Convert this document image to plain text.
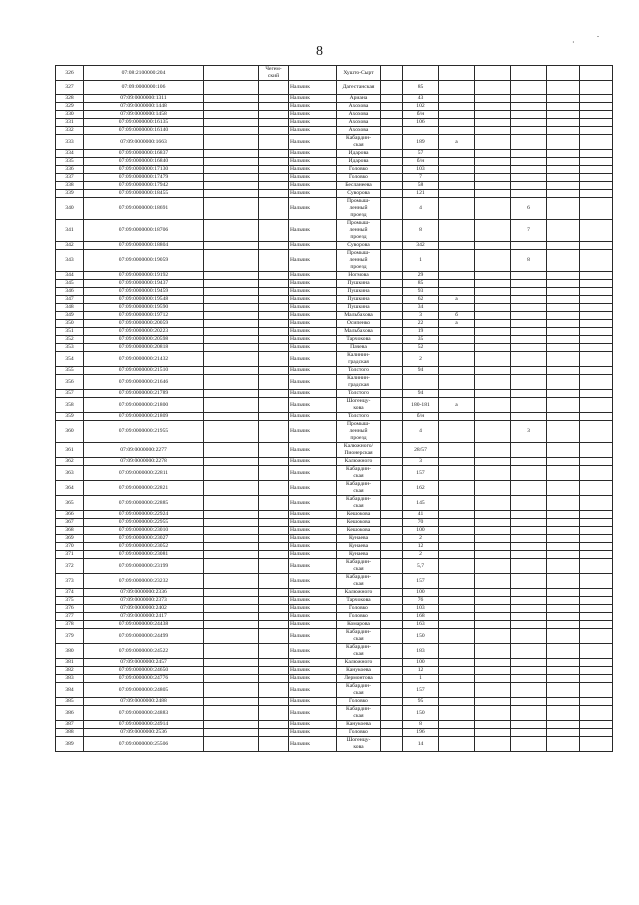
8
.
·
326	07:08:2100000:204		Чегем-
ский		Хушто-Сырт							
327	07:09:0000000:106			Нальчик	Дагестанская		85					
328	07:09:0000000:1311			Нальчик	Ариана		43					
329	07:09:0000000:1448			Нальчик	Ахохова		102					
330	07:09:0000000:1458			Нальчик	Ахохова		б/н					
331	07:09:0000000:16135			Нальчик	Ахохова		106					
332	07:09:0000000:16140			Нальчик	Ахохова							
333	07:09:0000000:1663			Нальчик	Кабардин-
ская		189	а				
334	07:09:0000000:16837			Нальчик	Идарова		57					
335	07:09:0000000:16840			Нальчик	Идарова		б/н					
336	07:09:0000000:17130			Нальчик	Головко		103					
337	07:09:0000000:17479			Нальчик	Головко		7					
338	07:09:0000000:17942			Нальчик	Бесланеева		58					
339	07:09:0000000:18455			Нальчик	Суворова		121					
340	07:09:0000000:18691			Нальчик	Промыш-
ленный
проезд		4			6		
341	07:09:0000000:18706			Нальчик	Промыш-
ленный
проезд		8			7		
342	07:09:0000000:18804			Нальчик	Суворова		342					
343	07:09:0000000:19059			Нальчик	Промыш-
ленный
проезд		1			8		
344	07:09:0000000:19192			Нальчик	Ногмова		29					
345	07:09:0000000:19437			Нальчик	Пушкина		85					
346	07:09:0000000:19459			Нальчик	Пушкина		93					
347	07:09:0000000:19548			Нальчик	Пушкина		62	а				
348	07:09:0000000:19590			Нальчик	Пушкина		34					
349	07:09:0000000:19712			Нальчик	Мальбахова		3	б				
350	07:09:0000000:20059			Нальчик	Осипенко		22	а				
351	07:09:0000000:20223			Нальчик	Мальбахова		19					
352	07:09:0000000:20598			Нальчик	Тарчокова		35					
353	07:09:0000000:20818			Нальчик	Пачева		52					
354	07:09:0000000:21432			Нальчик	Калинин-
градская		2					
355	07:09:0000000:21510			Нальчик	Толстого		94					
356	07:09:0000000:21646			Нальчик	Калинин-
градская							
357	07:09:0000000:21789			Нальчик	Толстого		94					
358	07:09:0000000:21800			Нальчик	Шогенцу-
кова		180-181	а				
359	07:09:0000000:21809			Нальчик	Толстого		б/н					
360	07:09:0000000:21955			Нальчик	Промыш-
ленный
проезд		4			3		
361	07:09:0000000:2277			Нальчик	Калюжного/
Пионерская		28/57					
362	07:09:0000000:2278			Нальчик	Калюжного		3					
363	07:09:0000000:22811			Нальчик	Кабардин-
ская		157					
364	07:09:0000000:22821			Нальчик	Кабардин-
ская		162					
365	07:09:0000000:22885			Нальчик	Кабардин-
ская		145					
366	07:09:0000000:22924			Нальчик	Кешокова		41					
367	07:09:0000000:22955			Нальчик	Кешокова		70					
368	07:09:0000000:23010			Нальчик	Кешокова		100					
369	07:09:0000000:23027			Нальчик	Кунаева		2					
370	07:09:0000000:23052			Нальчик	Кунаева		12					
371	07:09:0000000:23081			Нальчик	Кунаева		2					
372	07:09:0000000:23199			Нальчик	Кабардин-
ская		5,7					
373	07:09:0000000:23232			Нальчик	Кабардин-
ская		157					
374	07:09:0000000:2336			Нальчик	Калюжного		100					
375	07:09:0000000:2373			Нальчик	Тарчокова		76					
376	07:09:0000000:2402			Нальчик	Головко		103					
377	07:09:0000000:2417			Нальчик	Головко		168					
378	07:09:0000000:24438			Нальчик	Комарова		163					
379	07:09:0000000:24499			Нальчик	Кабардин-
ская		150					
380	07:09:0000000:24522			Нальчик	Кабардин-
ская		183					
381	07:09:0000000:2457			Нальчик	Калюжного		100					
382	07:09:0000000:24650			Нальчик	Канукоева		12					
383	07:09:0000000:24776			Нальчик	Лермонтова		1					
384	07:09:0000000:24805			Нальчик	Кабардин-
ская		157					
385	07:09:0000000:2488			Нальчик	Головко		95					
386	07:09:0000000:24883			Нальчик	Кабардин-
ская		150					
387	07:09:0000000:24914			Нальчик	Канукоева		8					
388	07:09:0000000:2536			Нальчик	Головко		196					
389	07:09:0000000:25506			Нальчик	Шогенцу-
кова		14					
